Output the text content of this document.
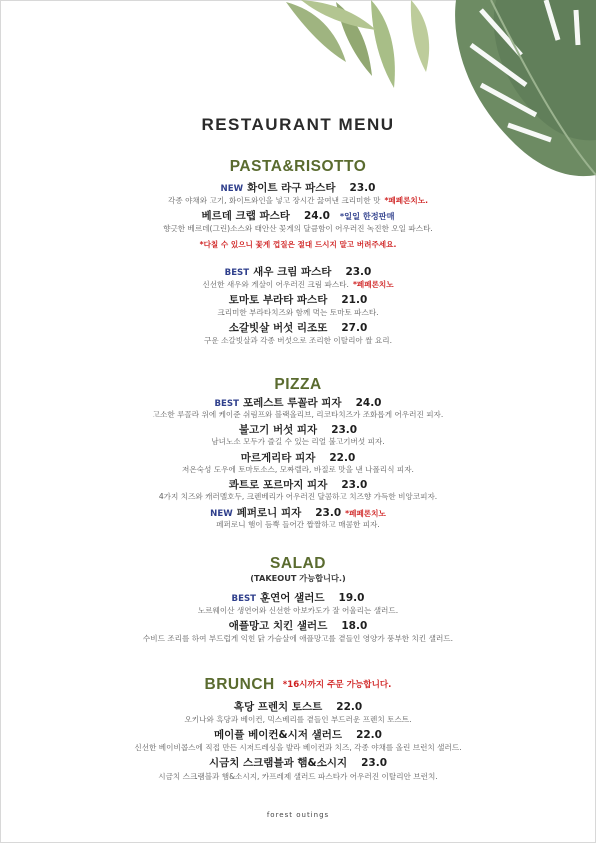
RESTAURANT MENU
PASTA&RISOTTO
NEW 화이트 라구 파스타 23.0
각종 야채와 고기, 화이트와인을 넣고 장시간 끓여낸 크리미한 맛 *페페론치노.
베르데 크랩 파스타 24.0 *일일 한정판매
향긋한 베르데(그린)소스와 태안산 꽃게의 달큼함이 어우러진 녹진한 오일 파스타.
*다칠 수 있으니 꽃게 껍질은 절대 드시지 말고 버려주세요.
BEST 새우 크림 파스타 23.0
신선한 새우와 게살이 어우러진 크림 파스타. *페페론치노
토마토 부라타 파스타 21.0
크리미한 부라타치즈와 함께 먹는 토마토 파스타.
소갈빗살 버섯 리조또 27.0
구운 소갈빗살과 각종 버섯으로 조리한 이탈리아 쌀 요리.
PIZZA
BEST 포레스트 루꼴라 피자 24.0
고소한 루꼴라 위에 케이준 쉬림프와 블랙올리브, 리코타치즈가 조화롭게 어우러진 피자.
불고기 버섯 피자 23.0
남녀노소 모두가 즐길 수 있는 리얼 불고기버섯 피자.
마르게리타 피자 22.0
저온숙성 도우에 토마토소스, 모짜렐라, 바질로 맛을 낸 나폴리식 피자.
콰트로 포르마지 피자 23.0
4가지 치즈와 캐러멜호두, 크렌베리가 어우러진 달콤하고 치즈향 가득한 비앙코피자.
NEW 페퍼로니 피자 23.0 *페페론치노
페퍼로니 햄이 듬뿍 들어간 짭짤하고 매콤한 피자.
SALAD
(TAKEOUT 가능합니다.)
BEST 훈연어 샐러드 19.0
노르웨이산 생연어와 신선한 아보카도가 잘 어울리는 샐러드.
애플망고 치킨 샐러드 18.0
수비드 조리를 하여 부드럽게 익힌 닭 가슴살에 애플망고를 곁들인 영양가 풍부한 치킨 샐러드.
BRUNCH *16시까지 주문 가능합니다.
흑당 프렌치 토스트 22.0
오키나와 흑당과 베이컨, 믹스베리를 곁들인 부드러운 프렌치 토스트.
메이플 베이컨&시저 샐러드 22.0
신선한 베이비콥스에 직접 만든 시저드레싱을 발라 베이컨과 치즈, 각종 야채를 올린 브런치 샐러드.
시금치 스크램블과 햄&소시지 23.0
시금치 스크램블과 햄&소시지, 카프레제 샐러드 파스타가 어우러진 이탈리안 브런치.
forest outings
